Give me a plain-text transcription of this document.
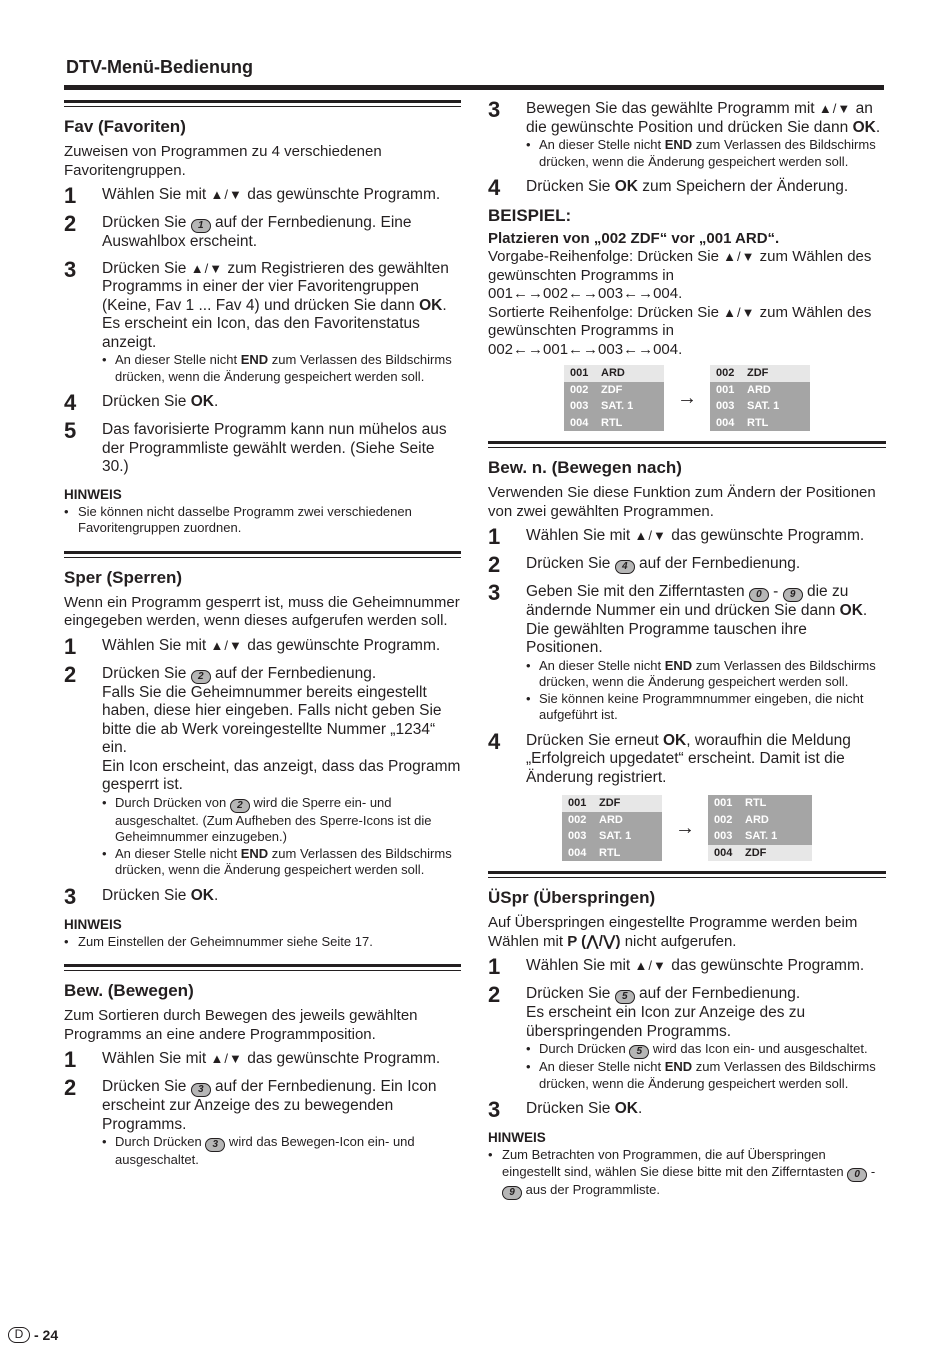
DTV-Menü-Bedienung
Fav (Favoriten)
Zuweisen von Programmen zu 4 verschiedenen Favoritengruppen.
1	Wählen Sie mit ▲/▼ das gewünschte Programm.
2	Drücken Sie 1 auf der Fernbedienung. Eine Auswahlbox erscheint.
3	Drücken Sie ▲/▼ zum Registrieren des gewählten Programms in einer der vier Favoritengruppen (Keine, Fav 1 ... Fav 4) und drücken Sie dann OK. Es erscheint ein Icon, das den Favoritenstatus anzeigt.
• An dieser Stelle nicht END zum Verlassen des Bildschirms drücken, wenn die Änderung gespeichert werden soll.
4	Drücken Sie OK.
5	Das favorisierte Programm kann nun mühelos aus der Programmliste gewählt werden. (Siehe Seite 30.)
HINWEIS
• Sie können nicht dasselbe Programm zwei verschiedenen Favoritengruppen zuordnen.
Sper (Sperren)
Wenn ein Programm gesperrt ist, muss die Geheimnummer eingegeben werden, wenn dieses aufgerufen werden soll.
1	Wählen Sie mit ▲/▼ das gewünschte Programm.
2	Drücken Sie 2 auf der Fernbedienung.
Falls Sie die Geheimnummer bereits eingestellt haben, diese hier eingeben. Falls nicht geben Sie bitte die ab Werk voreingestellte Nummer „1234“ ein.
Ein Icon erscheint, das anzeigt, dass das Programm gesperrt ist.
• Durch Drücken von 2 wird die Sperre ein- und ausgeschaltet. (Zum Aufheben des Sperre-Icons ist die Geheimnummer einzugeben.)
• An dieser Stelle nicht END zum Verlassen des Bildschirms drücken, wenn die Änderung gespeichert werden soll.
3	Drücken Sie OK.
HINWEIS
• Zum Einstellen der Geheimnummer siehe Seite 17.
Bew. (Bewegen)
Zum Sortieren durch Bewegen des jeweils gewählten Programms an eine andere Programmposition.
1	Wählen Sie mit ▲/▼ das gewünschte Programm.
2	Drücken Sie 3 auf der Fernbedienung. Ein Icon erscheint zur Anzeige des zu bewegenden Programms.
• Durch Drücken 3 wird das Bewegen-Icon ein- und ausgeschaltet.
3	Bewegen Sie das gewählte Programm mit ▲/▼ an die gewünschte Position und drücken Sie dann OK.
• An dieser Stelle nicht END zum Verlassen des Bildschirms drücken, wenn die Änderung gespeichert werden soll.
4	Drücken Sie OK zum Speichern der Änderung.
BEISPIEL:
Platzieren von „002 ZDF“ vor „001 ARD“.
Vorgabe-Reihenfolge: Drücken Sie ▲/▼ zum Wählen des gewünschten Programms in
001←→002←→003←→004.
Sortierte Reihenfolge: Drücken Sie ▲/▼ zum Wählen des gewünschten Programms in
002←→001←→003←→004.
001	ARD
002	ZDF
003	SAT. 1
004	RTL
→
002	ZDF
001	ARD
003	SAT. 1
004	RTL
Bew. n. (Bewegen nach)
Verwenden Sie diese Funktion zum Ändern der Positionen von zwei gewählten Programmen.
1	Wählen Sie mit ▲/▼ das gewünschte Programm.
2	Drücken Sie 4 auf der Fernbedienung.
3	Geben Sie mit den Zifferntasten 0 - 9 die zu ändernde Nummer ein und drücken Sie dann OK. Die gewählten Programme tauschen ihre Positionen.
• An dieser Stelle nicht END zum Verlassen des Bildschirms drücken, wenn die Änderung gespeichert werden soll.
• Sie können keine Programmnummer eingeben, die nicht aufgeführt ist.
4	Drücken Sie erneut OK, woraufhin die Meldung „Erfolgreich upgedatet“ erscheint. Damit ist die Änderung registriert.
001	ZDF
002	ARD
003	SAT. 1
004	RTL
→
001	RTL
002	ARD
003	SAT. 1
004	ZDF
ÜSpr (Überspringen)
Auf Überspringen eingestellte Programme werden beim Wählen mit P (⋀/⋁) nicht aufgerufen.
1	Wählen Sie mit ▲/▼ das gewünschte Programm.
2	Drücken Sie 5 auf der Fernbedienung.
Es erscheint ein Icon zur Anzeige des zu überspringenden Programms.
• Durch Drücken 5 wird das Icon ein- und ausgeschaltet.
• An dieser Stelle nicht END zum Verlassen des Bildschirms drücken, wenn die Änderung gespeichert werden soll.
3	Drücken Sie OK.
HINWEIS
• Zum Betrachten von Programmen, die auf Überspringen eingestellt sind, wählen Sie diese bitte mit den Zifferntasten 0 - 9 aus der Programmliste.
D - 24
